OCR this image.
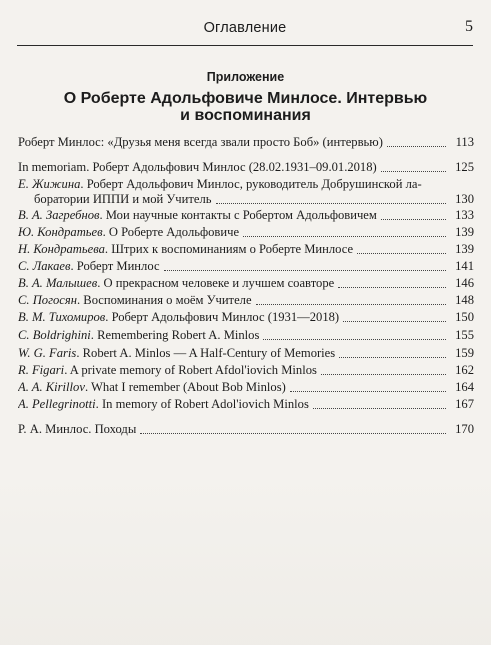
Оглавление	5
Приложение
О Роберте Адольфовиче Минлосе. Интервью
и воспоминания
Роберт Минлос: «Друзья меня всегда звали просто Боб» (интервью)	113
In memoriam. Роберт Адольфович Минлос (28.02.1931–09.01.2018)	125
Е. Жижина. Роберт Адольфович Минлос, руководитель Добрушинской ла-
боратории ИППИ и мой Учитель	130
В. А. Загребнов. Мои научные контакты с Робертом Адольфовичем	133
Ю. Кондратьев. О Роберте Адольфовиче	139
Н. Кондратьева. Штрих к воспоминаниям о Роберте Минлосе	139
С. Лакаев. Роберт Минлос	141
В. А. Малышев. О прекрасном человеке и лучшем соавторе	146
С. Погосян. Воспоминания о моём Учителе	148
В. М. Тихомиров. Роберт Адольфович Минлос (1931—2018)	150
C. Boldrighini. Remembering Robert A. Minlos	155
W. G. Faris. Robert A. Minlos — A Half-Century of Memories	159
R. Figari. A private memory of Robert Afdol'iovich Minlos	162
A. A. Kirillov. What I remember (About Bob Minlos)	164
A. Pellegrinotti. In memory of Robert Adol'iovich Minlos	167
Р. А. Минлос. Походы	170
